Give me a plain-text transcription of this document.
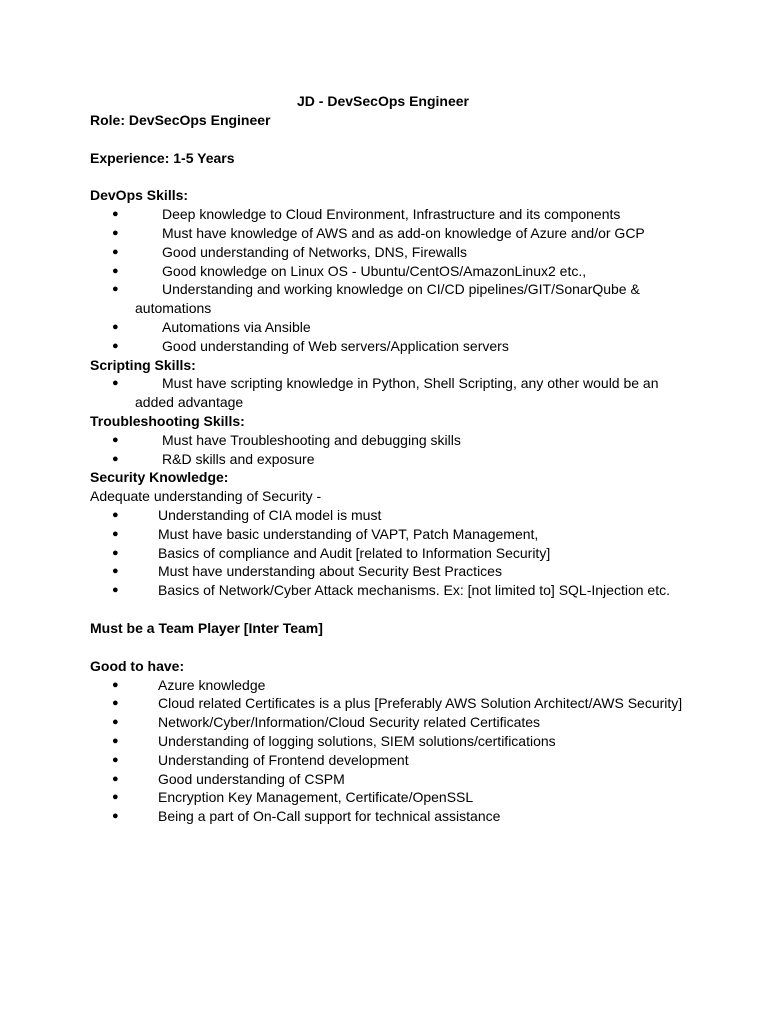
JD - DevSecOps Engineer

Role: DevSecOps Engineer

Experience: 1-5 Years

DevOps Skills:

●	Deep knowledge to Cloud Environment, Infrastructure and its components
●	Must have knowledge of AWS and as add-on knowledge of Azure and/or GCP
●	Good understanding of Networks, DNS, Firewalls
●	Good knowledge on Linux OS - Ubuntu/CentOS/AmazonLinux2 etc.,
●	Understanding and working knowledge on CI/CD pipelines/GIT/SonarQube & automations
●	Automations via Ansible
●	Good understanding of Web servers/Application servers

Scripting Skills:

●	Must have scripting knowledge in Python, Shell Scripting, any other would be an added advantage

Troubleshooting Skills:

●	Must have Troubleshooting and debugging skills
●	R&D skills and exposure

Security Knowledge:

Adequate understanding of Security -

●	Understanding of CIA model is must
●	Must have basic understanding of VAPT, Patch Management,
●	Basics of compliance and Audit [related to Information Security]
●	Must have understanding about Security Best Practices
●	Basics of Network/Cyber Attack mechanisms. Ex: [not limited to] SQL-Injection etc.

Must be a Team Player [Inter Team]

Good to have:

●	Azure knowledge
●	Cloud related Certificates is a plus [Preferably AWS Solution Architect/AWS Security]
●	Network/Cyber/Information/Cloud Security related Certificates
●	Understanding of logging solutions, SIEM solutions/certifications
●	Understanding of Frontend development
●	Good understanding of CSPM
●	Encryption Key Management, Certificate/OpenSSL
●	Being a part of On-Call support for technical assistance
